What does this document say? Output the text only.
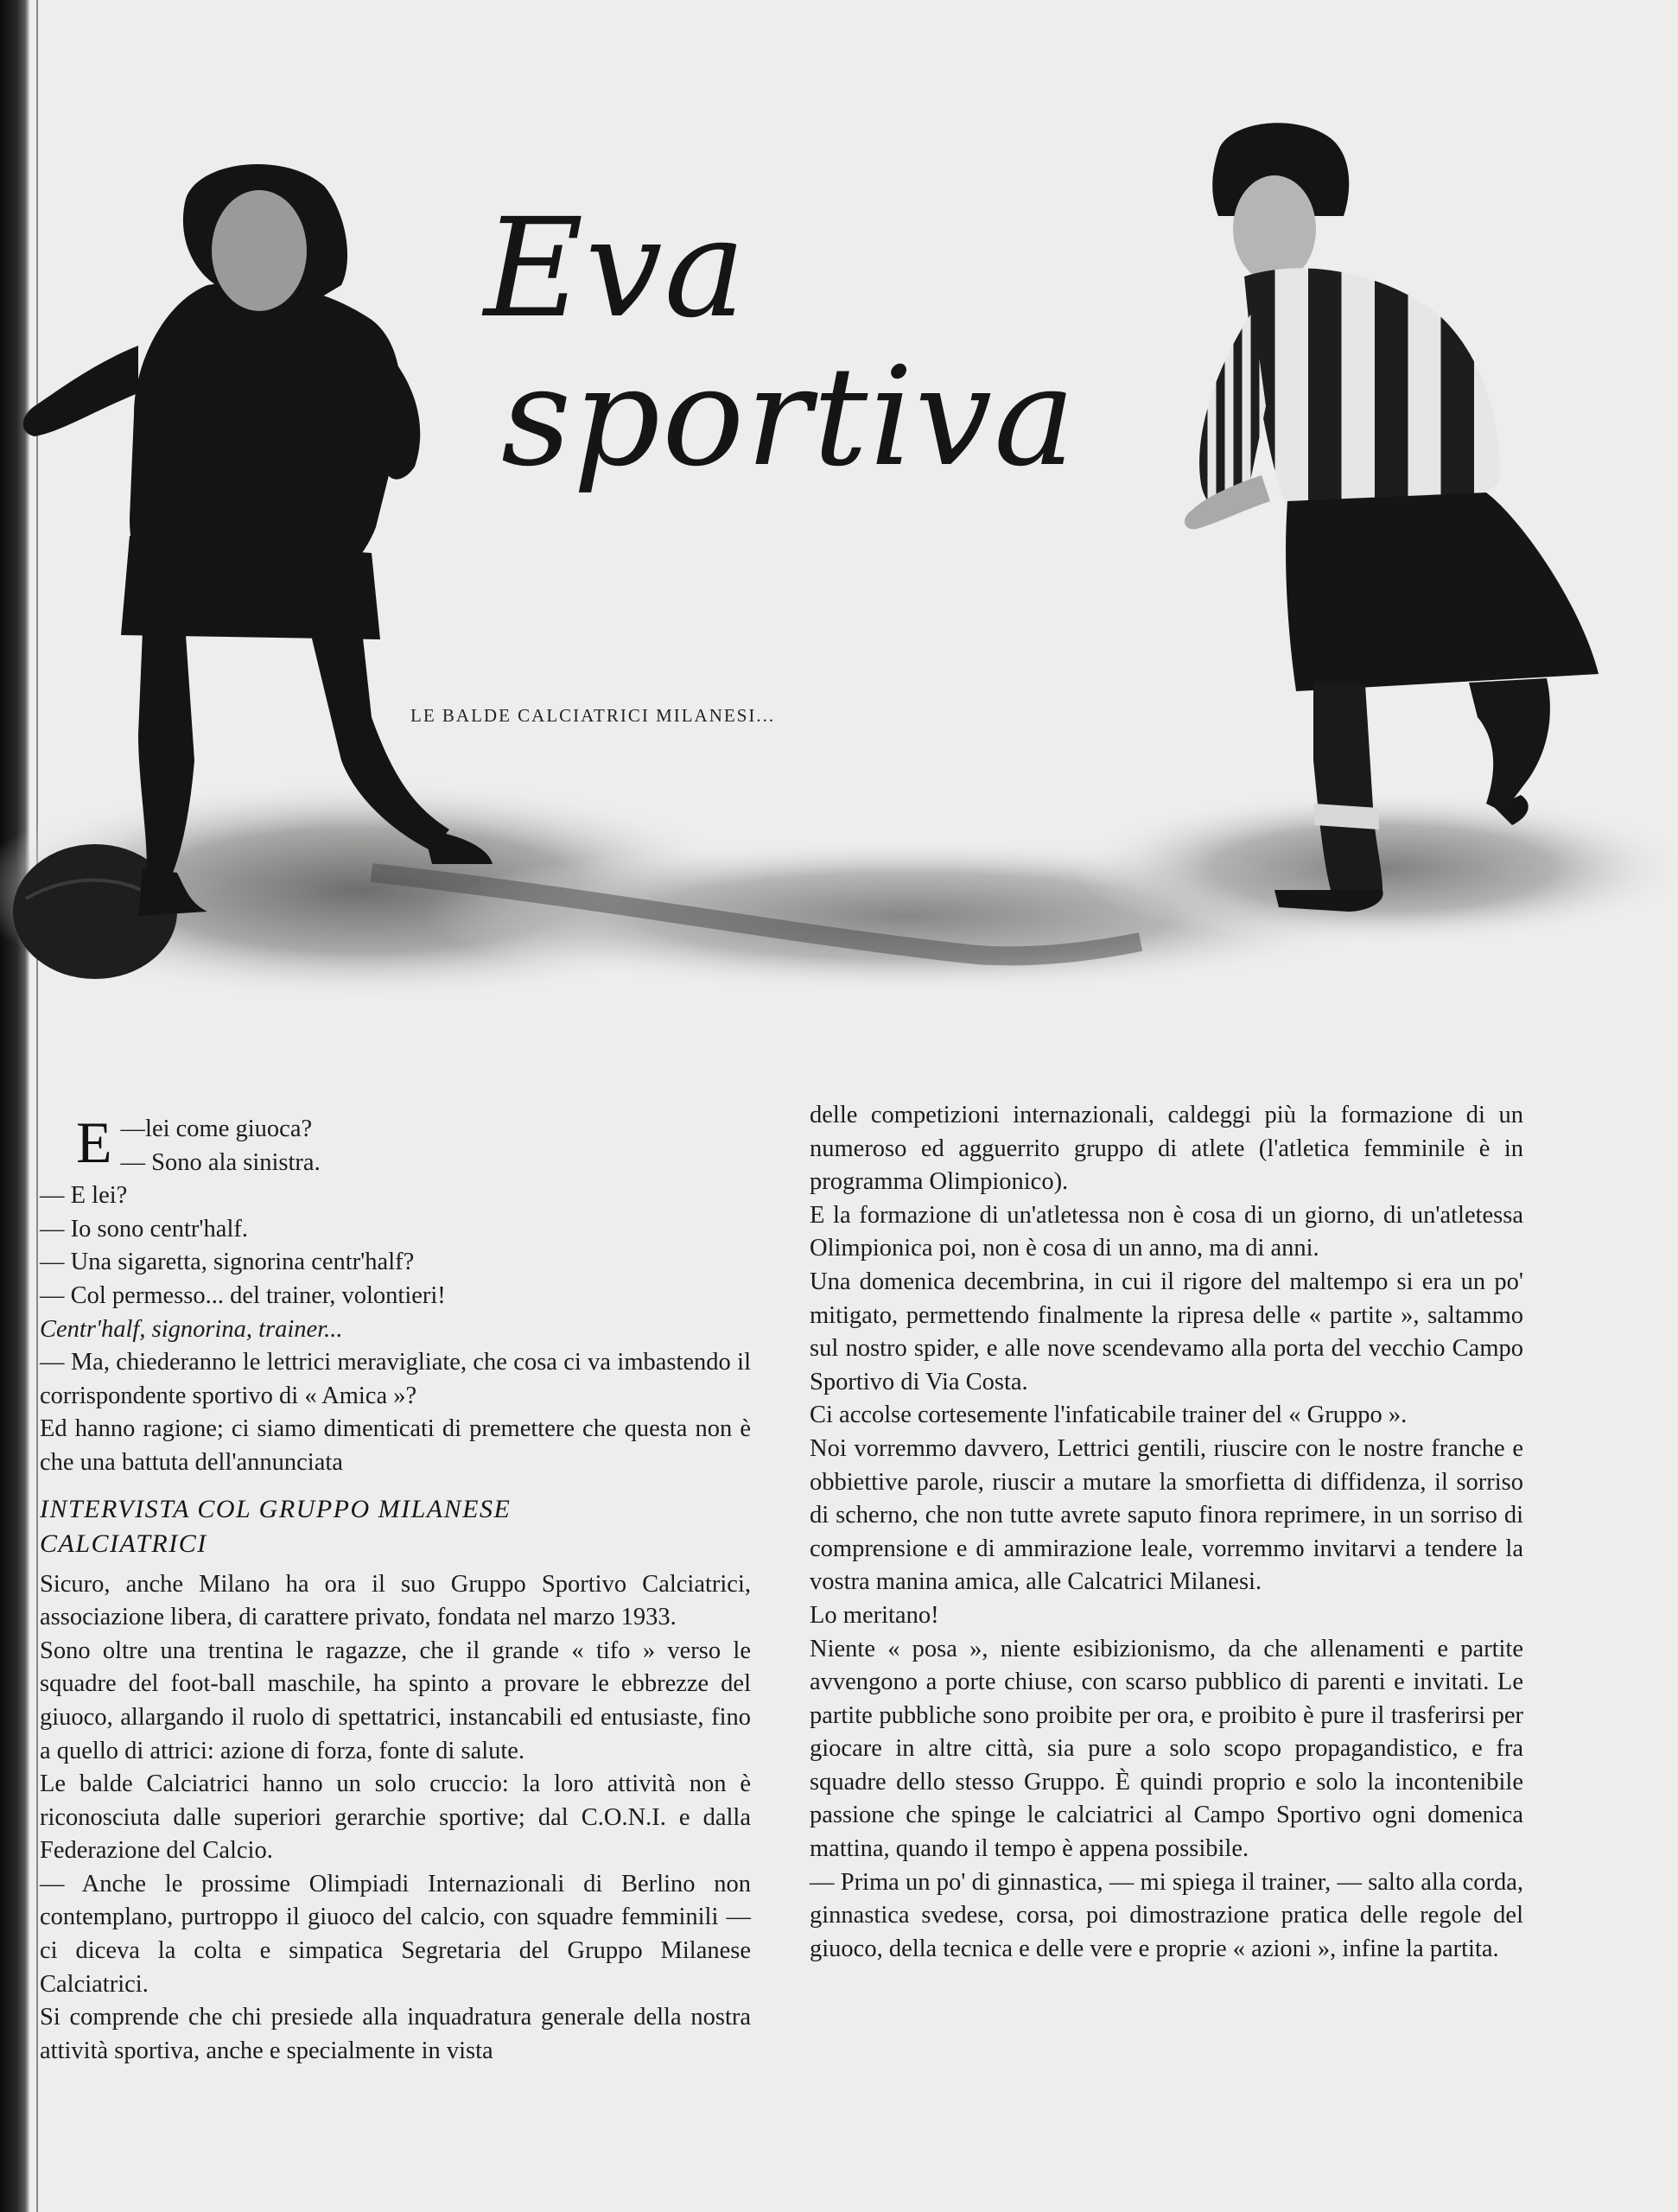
Eva
sportiva
LE BALDE CALCIATRICI MILANESI...

—
E lei come giuoca?

— Sono ala sinistra.

— E lei?

— Io sono centr'half.

— Una sigaretta, signorina centr'half?

— Col permesso... del trainer, volontieri!

Centr'half, signorina, trainer...

— Ma, chiederanno le lettrici meravigliate, che cosa ci va imbastendo il corrispondente sportivo di « Amica »?

Ed hanno ragione; ci siamo dimenticati di premettere che questa non è che una battuta dell'annunciata

INTERVISTA COL GRUPPO MILANESE
CALCIATRICI

Sicuro, anche Milano ha ora il suo Gruppo Sportivo Calciatrici, associazione libera, di carattere privato, fondata nel marzo 1933.

Sono oltre una trentina le ragazze, che il grande « tifo » verso le squadre del foot-ball maschile, ha spinto a provare le ebbrezze del giuoco, allargando il ruolo di spettatrici, instancabili ed entusiaste, fino a quello di attrici: azione di forza, fonte di salute.

Le balde Calciatrici hanno un solo cruccio: la loro attività non è riconosciuta dalle superiori gerarchie sportive; dal C.O.N.I. e dalla Federazione del Calcio.

— Anche le prossime Olimpiadi Internazionali di Berlino non contemplano, purtroppo il giuoco del calcio, con squadre femminili — ci diceva la colta e simpatica Segretaria del Gruppo Milanese Calciatrici.

Si comprende che chi presiede alla inquadratura generale della nostra attività sportiva, anche e specialmente in vista

delle competizioni internazionali, caldeggi più la formazione di un numeroso ed agguerrito gruppo di atlete (l'atletica femminile è in programma Olimpionico).

E la formazione di un'atletessa non è cosa di un giorno, di un'atletessa Olimpionica poi, non è cosa di un anno, ma di anni.

Una domenica decembrina, in cui il rigore del maltempo si era un po' mitigato, permettendo finalmente la ripresa delle « partite », saltammo sul nostro spider, e alle nove scendevamo alla porta del vecchio Campo Sportivo di Via Costa.

Ci accolse cortesemente l'infaticabile trainer del « Gruppo ».

Noi vorremmo davvero, Lettrici gentili, riuscire con le nostre franche e obbiettive parole, riuscir a mutare la smorfietta di diffidenza, il sorriso di scherno, che non tutte avrete saputo finora reprimere, in un sorriso di comprensione e di ammirazione leale, vorremmo invitarvi a tendere la vostra manina amica, alle Calcatrici Milanesi.

Lo meritano!

Niente « posa », niente esibizionismo, da che allenamenti e partite avvengono a porte chiuse, con scarso pubblico di parenti e invitati. Le partite pubbliche sono proibite per ora, e proibito è pure il trasferirsi per giocare in altre città, sia pure a solo scopo propagandistico, e fra squadre dello stesso Gruppo. È quindi proprio e solo la incontenibile passione che spinge le calciatrici al Campo Sportivo ogni domenica mattina, quando il tempo è appena possibile.

— Prima un po' di ginnastica, — mi spiega il trainer, — salto alla corda, ginnastica svedese, corsa, poi dimostrazione pratica delle regole del giuoco, della tecnica e delle vere e proprie « azioni », infine la partita.
